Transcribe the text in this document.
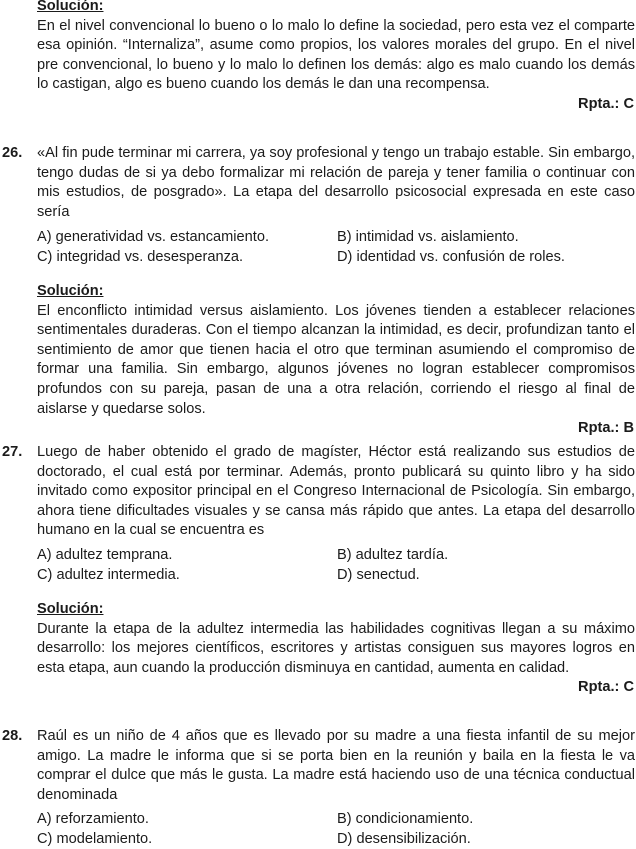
Solución:
En el nivel convencional lo bueno o lo malo lo define la sociedad, pero esta vez el comparte esa opinión. “Internaliza”, asume como propios, los valores morales del grupo. En el nivel pre convencional, lo bueno y lo malo lo definen los demás: algo es malo cuando los demás lo castigan, algo es bueno cuando los demás le dan una recompensa.
Rpta.: C
26. «Al fin pude terminar mi carrera, ya soy profesional y tengo un trabajo estable. Sin embargo, tengo dudas de si ya debo formalizar mi relación de pareja y tener familia o continuar con mis estudios, de posgrado». La etapa del desarrollo psicosocial expresada en este caso sería
A) generatividad vs. estancamiento.	B) intimidad vs. aislamiento.
C) integridad vs. desesperanza.	D) identidad vs. confusión de roles.
Solución:
El enconflicto intimidad versus aislamiento. Los jóvenes tienden a establecer relaciones sentimentales duraderas. Con el tiempo alcanzan la intimidad, es decir, profundizan tanto el sentimiento de amor que tienen hacia el otro que terminan asumiendo el compromiso de formar una familia. Sin embargo, algunos jóvenes no logran establecer compromisos profundos con su pareja, pasan de una a otra relación, corriendo el riesgo al final de aislarse y quedarse solos.
Rpta.: B
27. Luego de haber obtenido el grado de magíster, Héctor está realizando sus estudios de doctorado, el cual está por terminar. Además, pronto publicará su quinto libro y ha sido invitado como expositor principal en el Congreso Internacional de Psicología. Sin embargo, ahora tiene dificultades visuales y se cansa más rápido que antes. La etapa del desarrollo humano en la cual se encuentra es
A) adultez temprana.	B) adultez tardía.
C) adultez intermedia.	D) senectud.
Solución:
Durante la etapa de la adultez intermedia las habilidades cognitivas llegan a su máximo desarrollo: los mejores científicos, escritores y artistas consiguen sus mayores logros en esta etapa, aun cuando la producción disminuya en cantidad, aumenta en calidad.
Rpta.: C
28. Raúl es un niño de 4 años que es llevado por su madre a una fiesta infantil de su mejor amigo. La madre le informa que si se porta bien en la reunión y baila en la fiesta le va comprar el dulce que más le gusta. La madre está haciendo uso de una técnica conductual denominada
A) reforzamiento.	B) condicionamiento.
C) modelamiento.	D) desensibilización.
